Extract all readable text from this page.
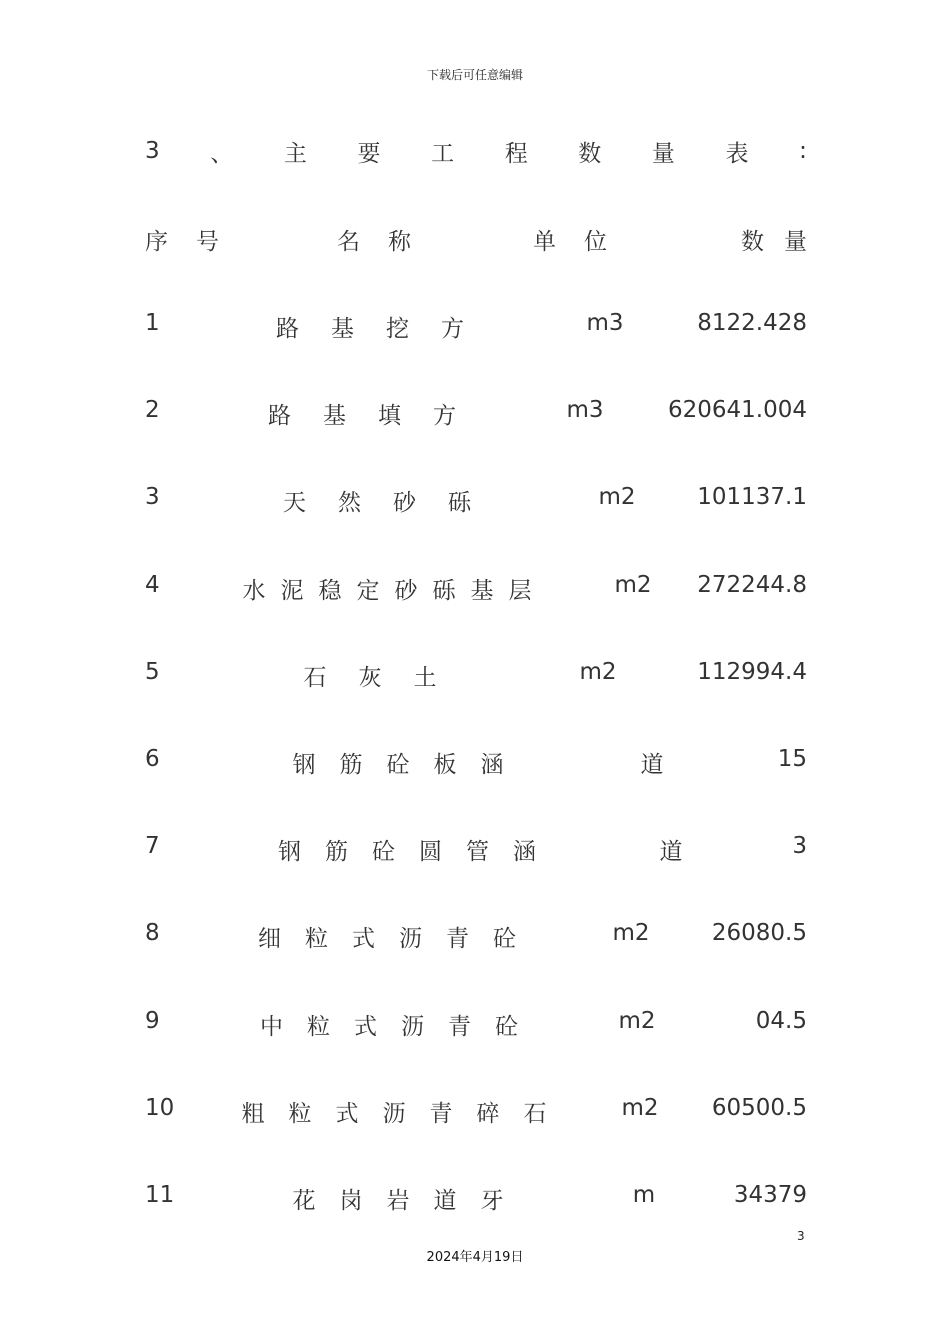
下载后可任意编辑
3 、 主 要 工 程 数 量 表 :
序号	名称	单位	数量
1	路基挖方	m3	8122.428
2	路基填方	m3	620641.004
3	天然砂砾	m2	101137.1
4	水泥稳定砂砾基层	m2 272244.8
5	石灰土	m2	112994.4
6	钢筋砼板涵	道	15
7	钢筋砼圆管涵	道	3
8	细粒式沥青砼	m2	26080.5
9	中粒式沥青砼	m2	04.5
10	粗粒式沥青碎石 m2 60500.5
11	花岗岩道牙	m	34379
3
2024年4月19日
